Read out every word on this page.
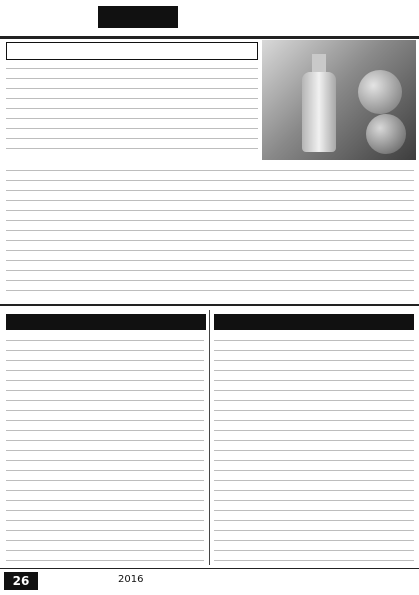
26	2016
